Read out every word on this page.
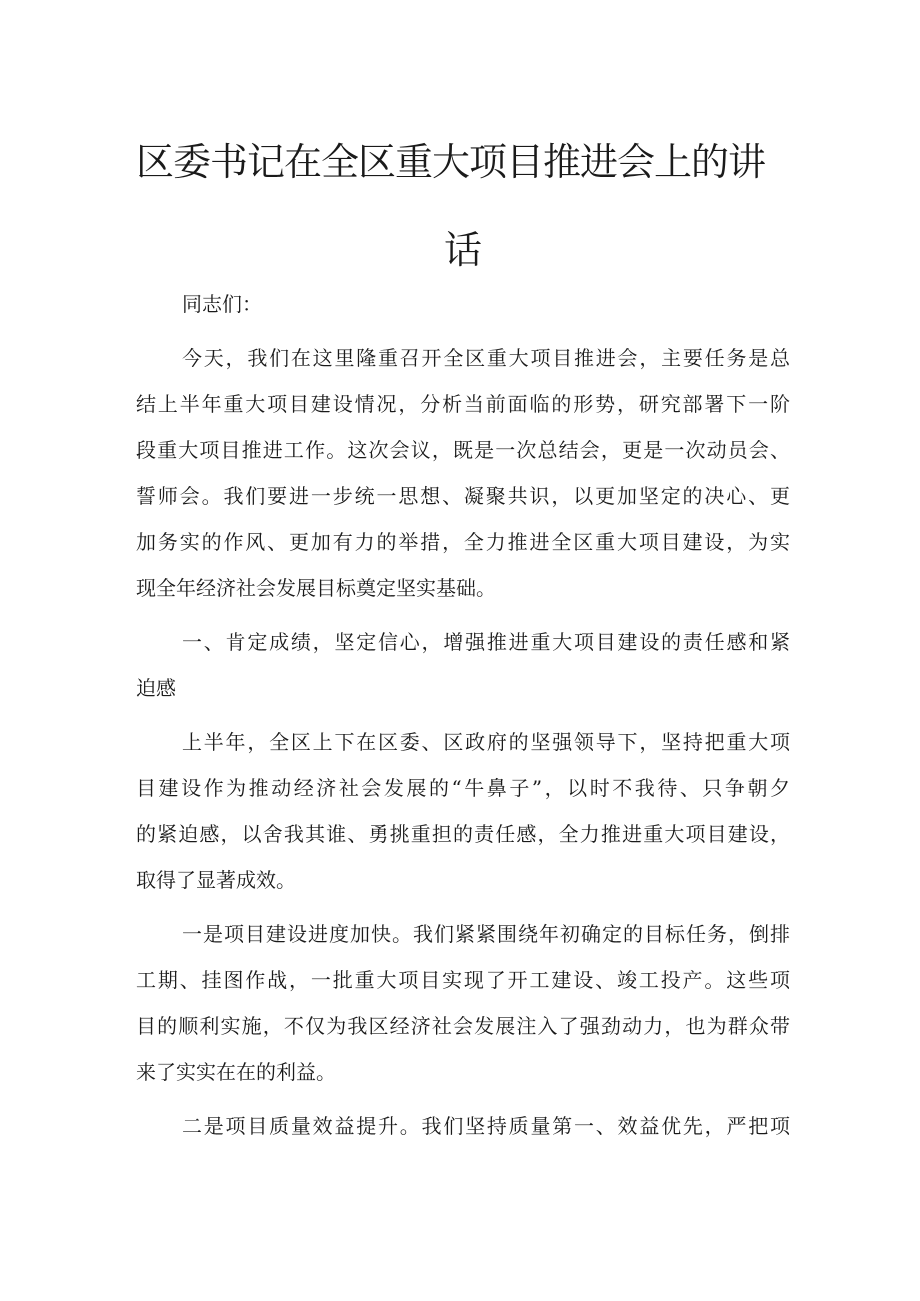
区委书记在全区重大项目推进会上的讲
话
同志们：
今天，我们在这里隆重召开全区重大项目推进会，主要任务是总
结上半年重大项目建设情况，分析当前面临的形势，研究部署下一阶
段重大项目推进工作。这次会议，既是一次总结会，更是一次动员会、
誓师会。我们要进一步统一思想、凝聚共识，以更加坚定的决心、更
加务实的作风、更加有力的举措，全力推进全区重大项目建设，为实
现全年经济社会发展目标奠定坚实基础。
一、肯定成绩，坚定信心，增强推进重大项目建设的责任感和紧
迫感
上半年，全区上下在区委、区政府的坚强领导下，坚持把重大项
目建设作为推动经济社会发展的“牛鼻子”，以时不我待、只争朝夕
的紧迫感，以舍我其谁、勇挑重担的责任感，全力推进重大项目建设，
取得了显著成效。
一是项目建设进度加快。我们紧紧围绕年初确定的目标任务，倒排
工期、挂图作战，一批重大项目实现了开工建设、竣工投产。这些项
目的顺利实施，不仅为我区经济社会发展注入了强劲动力，也为群众带
来了实实在在的利益。
二是项目质量效益提升。我们坚持质量第一、效益优先，严把项
